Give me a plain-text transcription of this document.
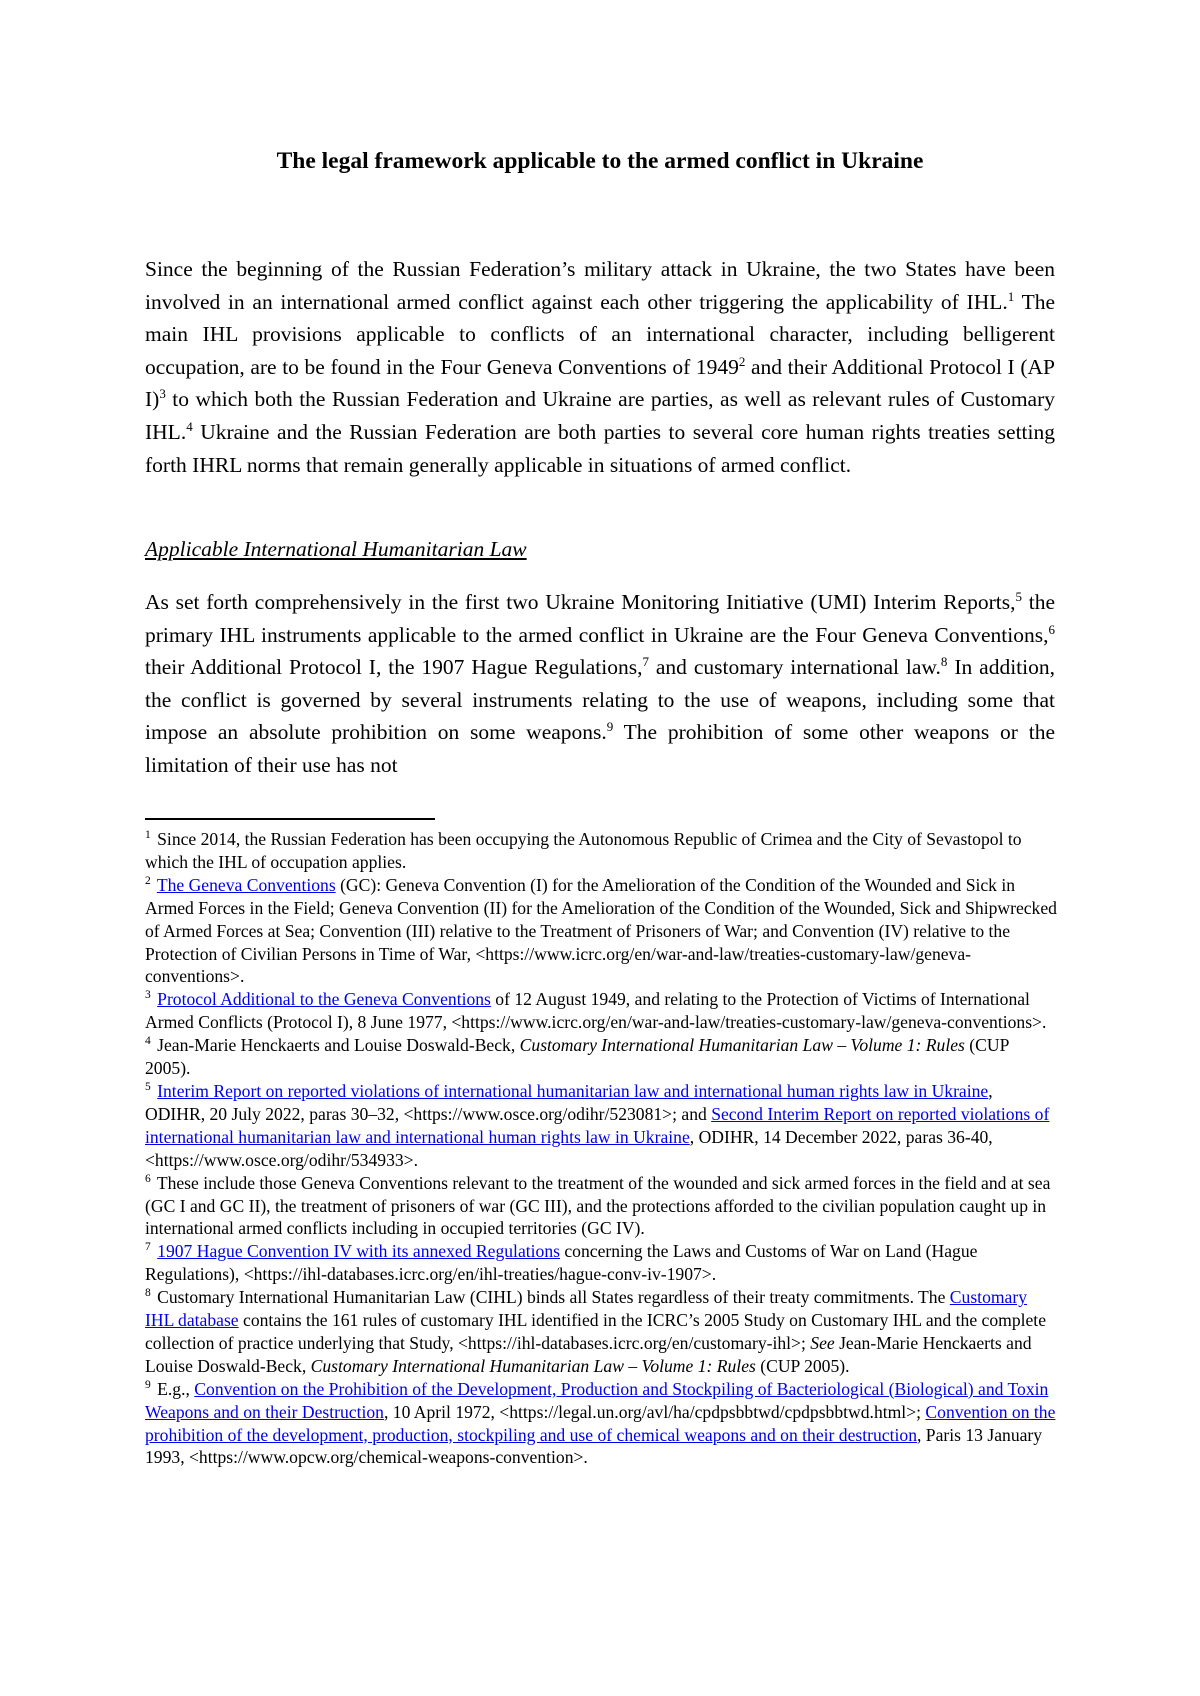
The legal framework applicable to the armed conflict in Ukraine

Since the beginning of the Russian Federation’s military attack in Ukraine, the two States have been involved in an international armed conflict against each other triggering the applicability of IHL.$^1$ The main IHL provisions applicable to conflicts of an international character, including belligerent occupation, are to be found in the Four Geneva Conventions of 1949$^2$ and their Additional Protocol I (AP I)$^3$ to which both the Russian Federation and Ukraine are parties, as well as relevant rules of Customary IHL.$^4$ Ukraine and the Russian Federation are both parties to several core human rights treaties setting forth IHRL norms that remain generally applicable in situations of armed conflict.

Applicable International Humanitarian Law

As set forth comprehensively in the first two Ukraine Monitoring Initiative (UMI) Interim Reports,$^5$ the primary IHL instruments applicable to the armed conflict in Ukraine are the Four Geneva Conventions,$^6$ their Additional Protocol I, the 1907 Hague Regulations,$^7$ and customary international law.$^8$ In addition, the conflict is governed by several instruments relating to the use of weapons, including some that impose an absolute prohibition on some weapons.$^9$ The prohibition of some other weapons or the limitation of their use has not

$^1$ Since 2014, the Russian Federation has been occupying the Autonomous Republic of Crimea and the City of Sevastopol to which the IHL of occupation applies.

$^2$ The Geneva Conventions (GC): Geneva Convention (I) for the Amelioration of the Condition of the Wounded and Sick in Armed Forces in the Field; Geneva Convention (II) for the Amelioration of the Condition of the Wounded, Sick and Shipwrecked of Armed Forces at Sea; Convention (III) relative to the Treatment of Prisoners of War; and Convention (IV) relative to the Protection of Civilian Persons in Time of War, <https://www.icrc.org/en/war-and-law/treaties-customary-law/geneva-conventions>.

$^3$ Protocol Additional to the Geneva Conventions of 12 August 1949, and relating to the Protection of Victims of International Armed Conflicts (Protocol I), 8 June 1977, <https://www.icrc.org/en/war-and-law/treaties-customary-law/geneva-conventions>.

$^4$ Jean-Marie Henckaerts and Louise Doswald-Beck, Customary International Humanitarian Law – Volume 1: Rules (CUP 2005).

$^5$ Interim Report on reported violations of international humanitarian law and international human rights law in Ukraine, ODIHR, 20 July 2022, paras 30–32, <https://www.osce.org/odihr/523081>; and Second Interim Report on reported violations of international humanitarian law and international human rights law in Ukraine, ODIHR, 14 December 2022, paras 36-40, <https://www.osce.org/odihr/534933>.

$^6$ These include those Geneva Conventions relevant to the treatment of the wounded and sick armed forces in the field and at sea (GC I and GC II), the treatment of prisoners of war (GC III), and the protections afforded to the civilian population caught up in international armed conflicts including in occupied territories (GC IV).

$^7$ 1907 Hague Convention IV with its annexed Regulations concerning the Laws and Customs of War on Land (Hague Regulations), <https://ihl-databases.icrc.org/en/ihl-treaties/hague-conv-iv-1907>.

$^8$ Customary International Humanitarian Law (CIHL) binds all States regardless of their treaty commitments. The Customary IHL database contains the 161 rules of customary IHL identified in the ICRC’s 2005 Study on Customary IHL and the complete collection of practice underlying that Study, <https://ihl-databases.icrc.org/en/customary-ihl>; See Jean-Marie Henckaerts and Louise Doswald-Beck, Customary International Humanitarian Law – Volume 1: Rules (CUP 2005).

$^9$ E.g., Convention on the Prohibition of the Development, Production and Stockpiling of Bacteriological (Biological) and Toxin Weapons and on their Destruction, 10 April 1972, <https://legal.un.org/avl/ha/cpdpsbbtwd/cpdpsbbtwd.html>; Convention on the prohibition of the development, production, stockpiling and use of chemical weapons and on their destruction, Paris 13 January 1993, <https://www.opcw.org/chemical-weapons-convention>.
